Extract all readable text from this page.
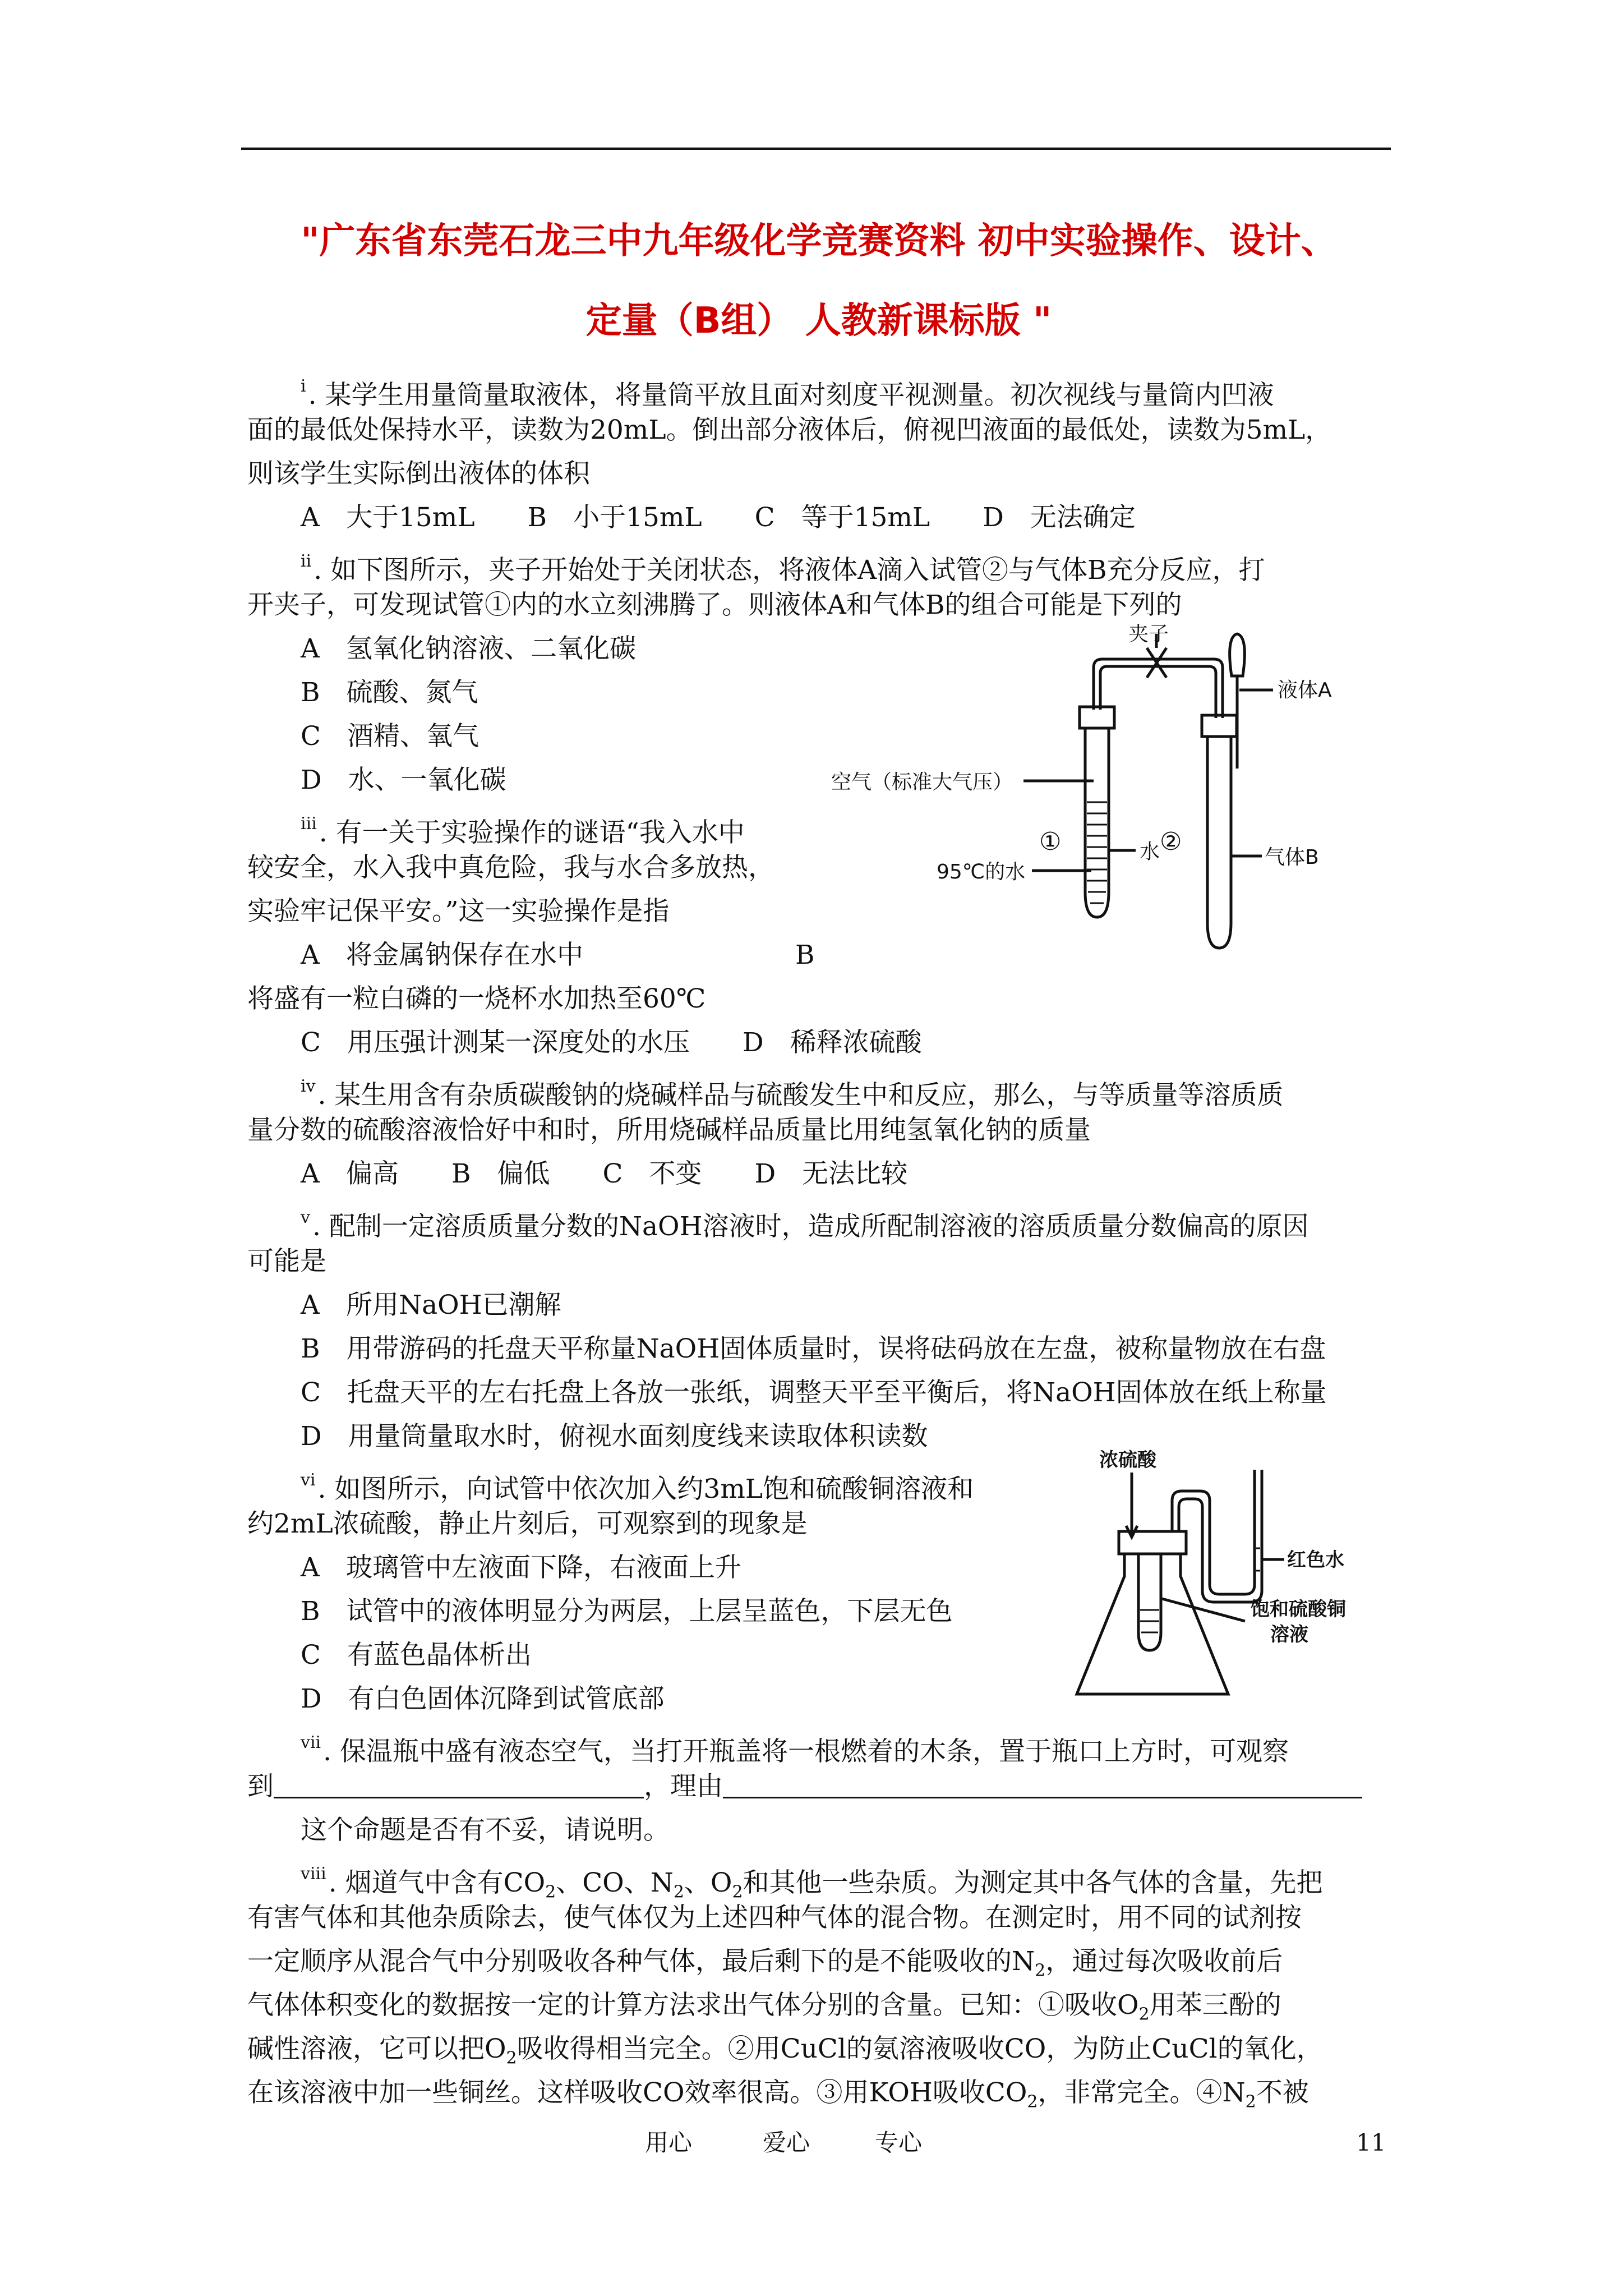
"广东省东莞石龙三中九年级化学竞赛资料 初中实验操作、设计、
定量（B组） 人教新课标版 "
$^i$. 某学生用量筒量取液体，将量筒平放且面对刻度平视测量。初次视线与量筒内凹液
面的最低处保持水平，读数为20mL。倒出部分液体后，俯视凹液面的最低处，读数为5mL，
则该学生实际倒出液体的体积
A　大于15mL　　B　小于15mL　　C　等于15mL　　D　无法确定
$^{ii}$. 如下图所示，夹子开始处于关闭状态，将液体A滴入试管②与气体B充分反应，打
开夹子，可发现试管①内的水立刻沸腾了。则液体A和气体B的组合可能是下列的
A　氢氧化钠溶液、二氧化碳
B　硫酸、氮气
C　酒精、氧气
D　水、一氧化碳
夹子
液体A
空气（标准大气压）
①	②
水	气体B
95℃的水
$^{iii}$. 有一关于实验操作的谜语“我入水中
较安全，水入我中真危险，我与水合多放热，
实验牢记保平安。”这一实验操作是指
A　将金属钠保存在水中	B
将盛有一粒白磷的一烧杯水加热至60℃
C　用压强计测某一深度处的水压　　D　稀释浓硫酸
$^{iv}$. 某生用含有杂质碳酸钠的烧碱样品与硫酸发生中和反应，那么，与等质量等溶质质
量分数的硫酸溶液恰好中和时，所用烧碱样品质量比用纯氢氧化钠的质量
A　偏高　　B　偏低　　C　不变　　D　无法比较
$^v$. 配制一定溶质质量分数的NaOH溶液时，造成所配制溶液的溶质质量分数偏高的原因
可能是
A　所用NaOH已潮解
B　用带游码的托盘天平称量NaOH固体质量时，误将砝码放在左盘，被称量物放在右盘
C　托盘天平的左右托盘上各放一张纸，调整天平至平衡后，将NaOH固体放在纸上称量
D　用量筒量取水时，俯视水面刻度线来读取体积读数
$^{vi}$. 如图所示，向试管中依次加入约3mL饱和硫酸铜溶液和
约2mL浓硫酸，静止片刻后，可观察到的现象是
A　玻璃管中左液面下降，右液面上升
B　试管中的液体明显分为两层，上层呈蓝色，下层无色
C　有蓝色晶体析出
D　有白色固体沉降到试管底部
浓硫酸
红色水
饱和硫酸铜
溶液
$^{vii}$. 保温瓶中盛有液态空气，当打开瓶盖将一根燃着的木条，置于瓶口上方时，可观察
到	，理由
这个命题是否有不妥，请说明。
$^{viii}$. 烟道气中含有$CO_2$、CO、$N_2$、$O_2$和其他一些杂质。为测定其中各气体的含量，先把
有害气体和其他杂质除去，使气体仅为上述四种气体的混合物。在测定时，用不同的试剂按
一定顺序从混合气中分别吸收各种气体，最后剩下的是不能吸收的$N_2$，通过每次吸收前后
气体体积变化的数据按一定的计算方法求出气体分别的含量。已知：①吸收$O_2$用苯三酚的
碱性溶液，它可以把$O_2$吸收得相当完全。②用CuCl的氨溶液吸收CO，为防止CuCl的氧化，
在该溶液中加一些铜丝。这样吸收CO效率很高。③用KOH吸收$CO_2$，非常完全。$④N_2$不被
用心	爱心	专心	11
